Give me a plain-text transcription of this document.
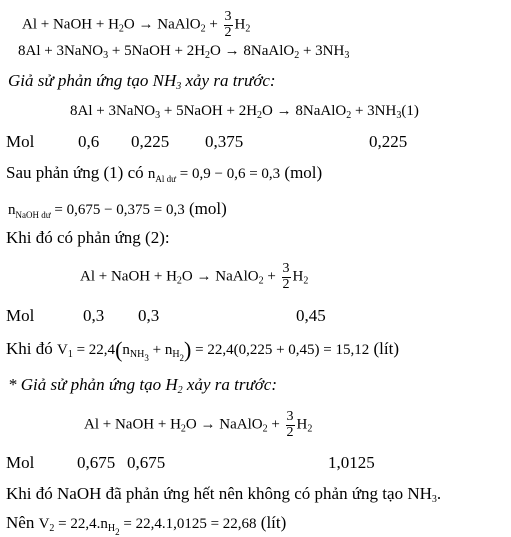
Al + NaOH + $H_2O$ → NaAlO$_2$ + $\frac{3}{2} H_2$
8Al + 3NaNO$_3$ + 5NaOH + $2H_2O$ → 8NaAlO$_2$ + $3NH_3$
Giả sử phản ứng tạo $NH_3$ xảy ra trước:
8Al + 3NaNO$_3$ + 5NaOH + $2H_2O$ → 8NaAlO$_2$ + $3NH_3(1)$
Mol	0,6 0,225 0,375	0,225
Sau phản ứng (1) có $n_{Al dư} = 0,9 - 0,6 = 0,3$ (mol)
$n_{NaOH dư} = 0,675 - 0,375 = 0,3$ (mol)
Khi đó có phản ứng (2):
Al + NaOH + $H_2O$ → NaAlO$_2$ + $\frac{3}{2} H_2$
Mol	0,3 0,3	0,45
Khi đó $V_1 = 22,4(n_{NH3} + n_{H2}) = 22,4(0,225 + 0,45) = 15,12$ (lít)
* Giả sử phản ứng tạo $H_2$ xảy ra trước:
Al + NaOH + $H_2O$ → NaAlO$_2$ + $\frac{3}{2} H_2$
Mol	0,675 0,675	1,0125
Khi đó NaOH đã phản ứng hết nên không có phản ứng tạo $NH_3$.
Nên $V_2 = 22,4.n_{H2} = 22,4.1,0125 = 22,68$ (lít)
